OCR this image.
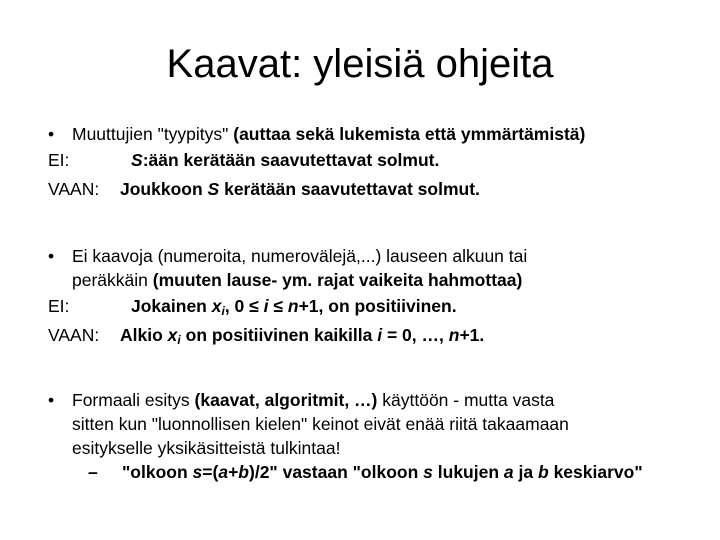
Kaavat: yleisiä ohjeita
• Muuttujien "tyypitys" (auttaa sekä lukemista että ymmärtämistä)
EI:	S:ään kerätään saavutettavat solmut.
VAAN: Joukkoon S kerätään saavutettavat solmut.
• Ei kaavoja (numeroita, numerovälejä,...) lauseen alkuun tai
peräkkäin (muuten lause- ym. rajat vaikeita hahmottaa)
EI:	Jokainen $x_i$, 0 ≤ i ≤ n+1, on positiivinen.
VAAN: Alkio $x_i$ on positiivinen kaikilla i = 0, …, n+1.
• Formaali esitys (kaavat, algoritmit, …) käyttöön - mutta vasta
sitten kun "luonnollisen kielen" keinot eivät enää riitä takaamaan
esitykselle yksikäsitteistä tulkintaa!
– "olkoon s=(a+b)/2" vastaan "olkoon s lukujen a ja b keskiarvo"
